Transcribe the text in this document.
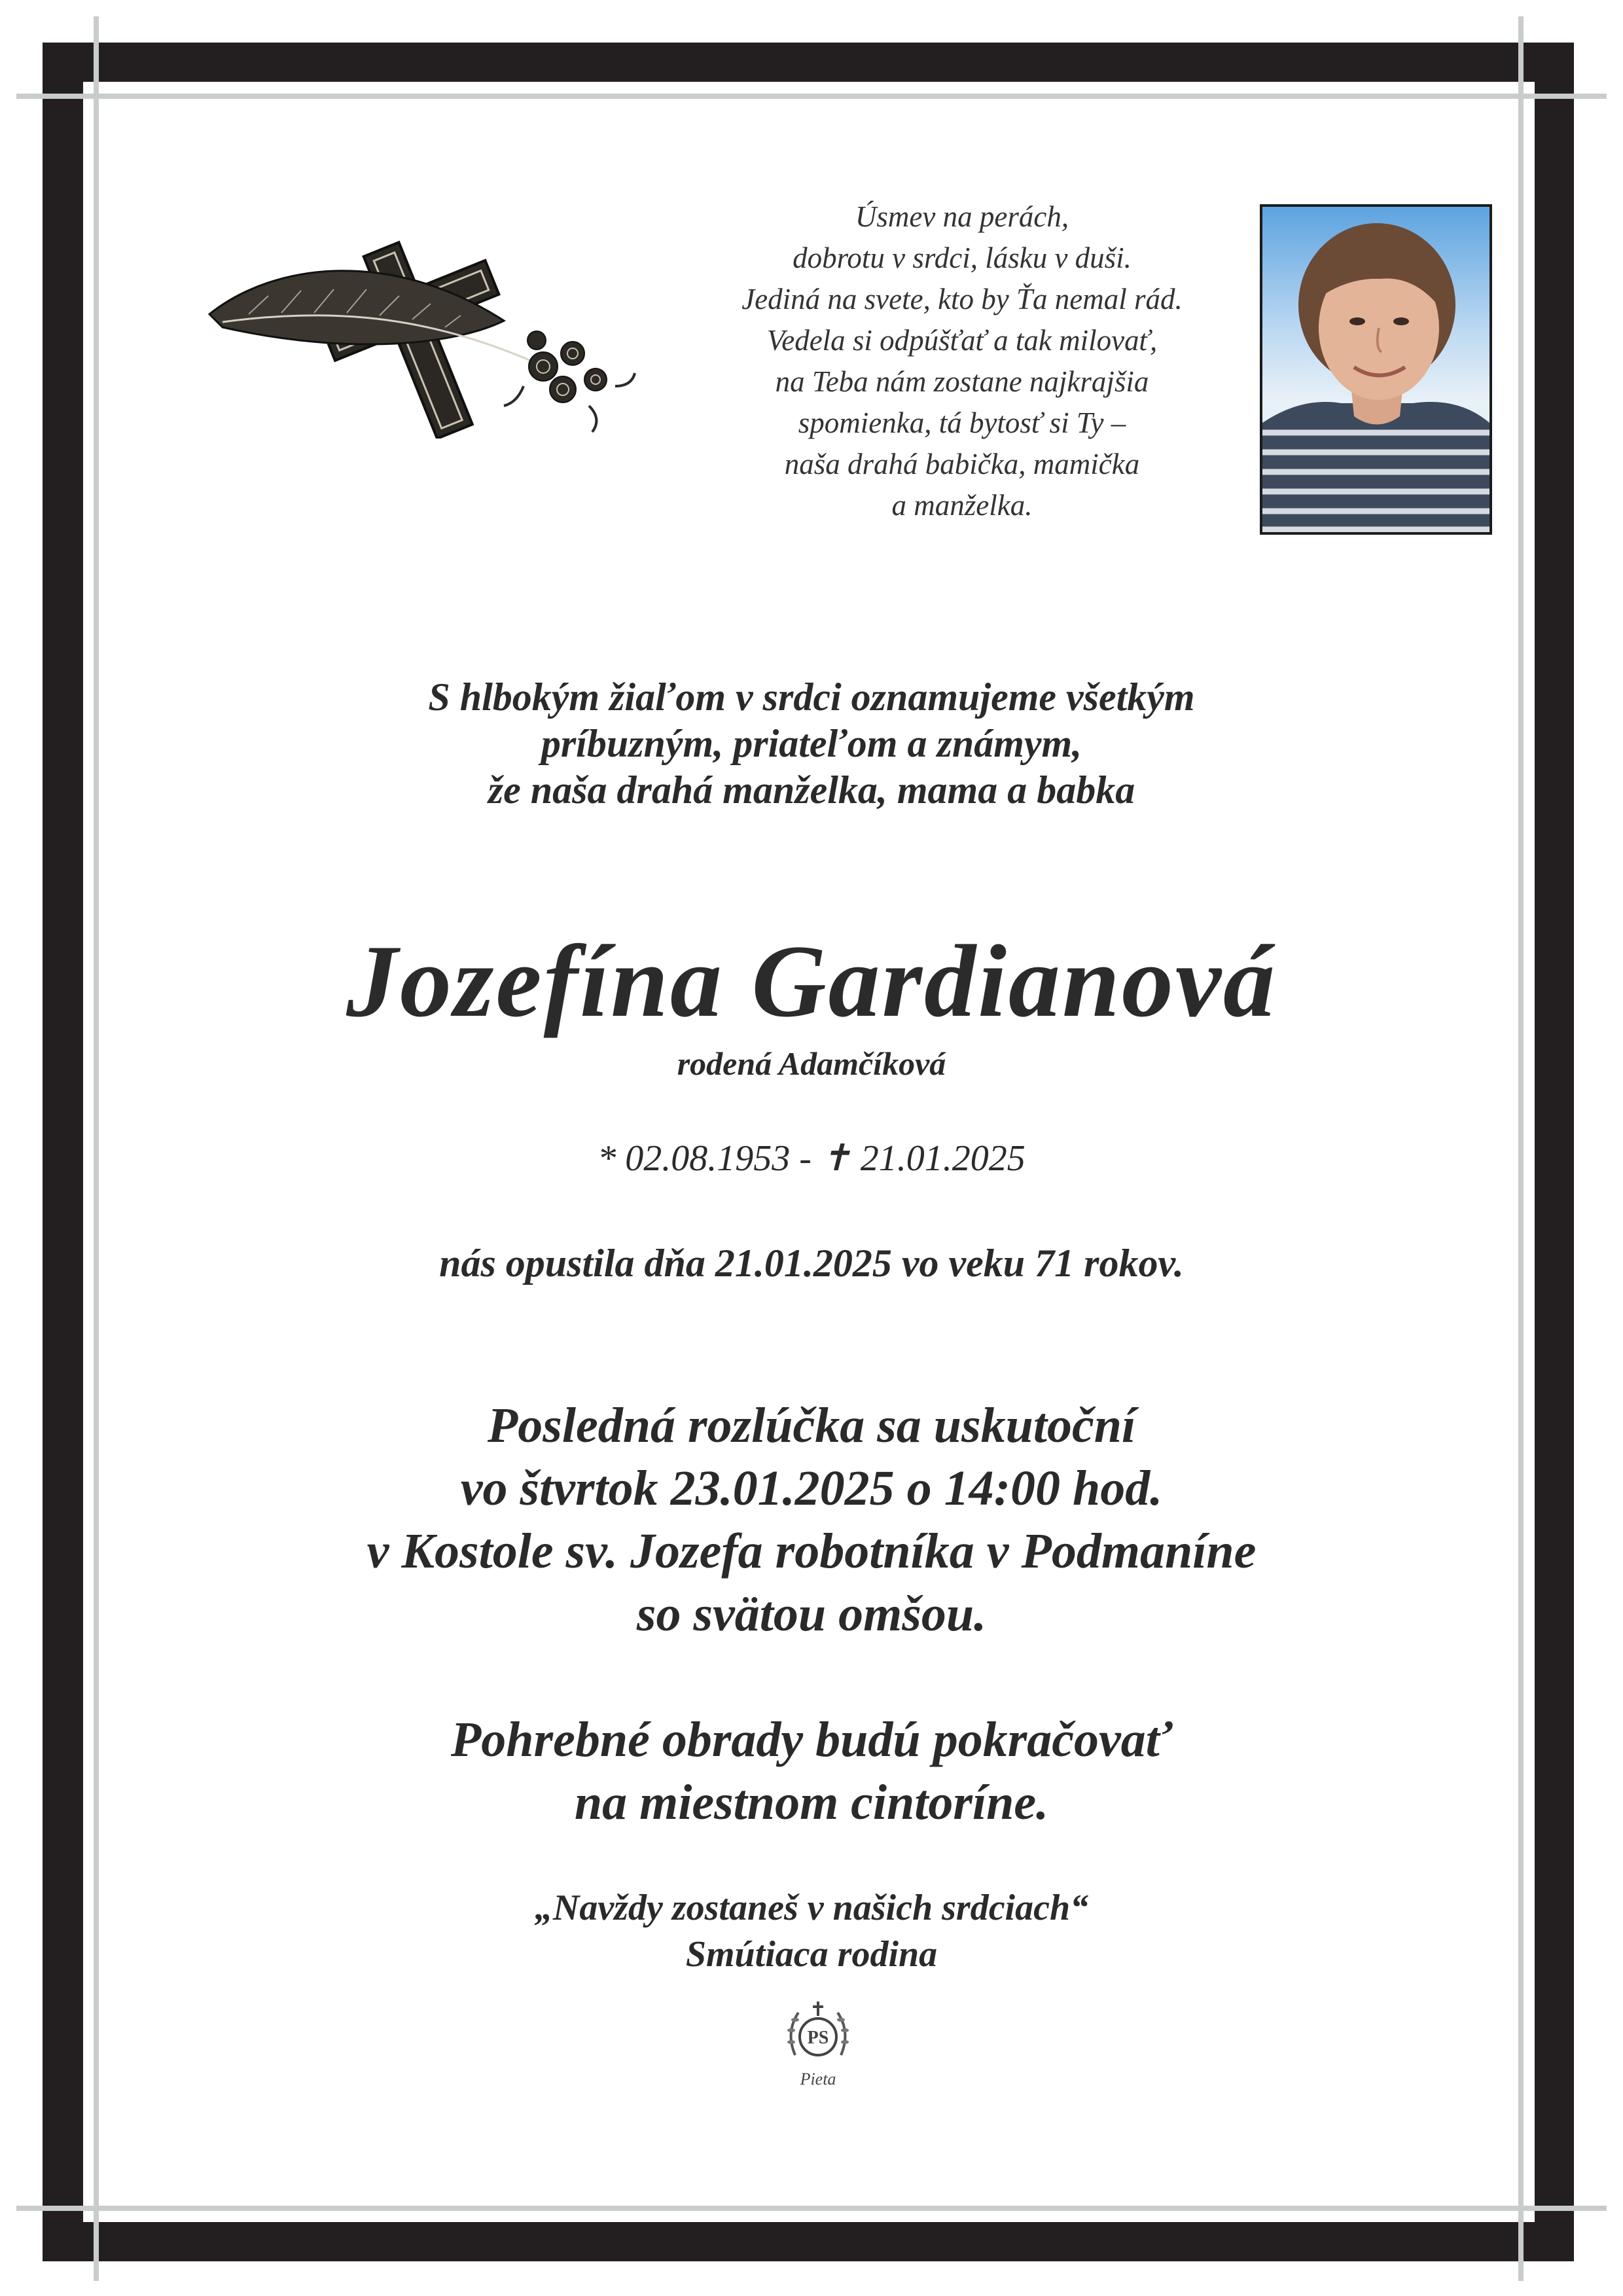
Úsmev na perách,
dobrotu v srdci, lásku v duši.
Jediná na svete, kto by Ťa nemal rád.
Vedela si odpúšťať a tak milovať,
na Teba nám zostane najkrajšia
spomienka, tá bytosť si Ty –
naša drahá babička, mamička
a manželka.
S hlbokým žiaľom v srdci oznamujeme všetkým
príbuzným, priateľom a známym,
že naša drahá manželka, mama a babka
Jozefína Gardianová
rodená Adamčíková
* 02.08.1953 - ✝ 21.01.2025
nás opustila dňa 21.01.2025 vo veku 71 rokov.
Posledná rozlúčka sa uskutoční
vo štvrtok 23.01.2025 o 14:00 hod.
v Kostole sv. Jozefa robotníka v Podmaníne
so svätou omšou.
Pohrebné obrady budú pokračovať
na miestnom cintoríne.
„Navždy zostaneš v našich srdciach“
Smútiaca rodina
PS
Pieta
